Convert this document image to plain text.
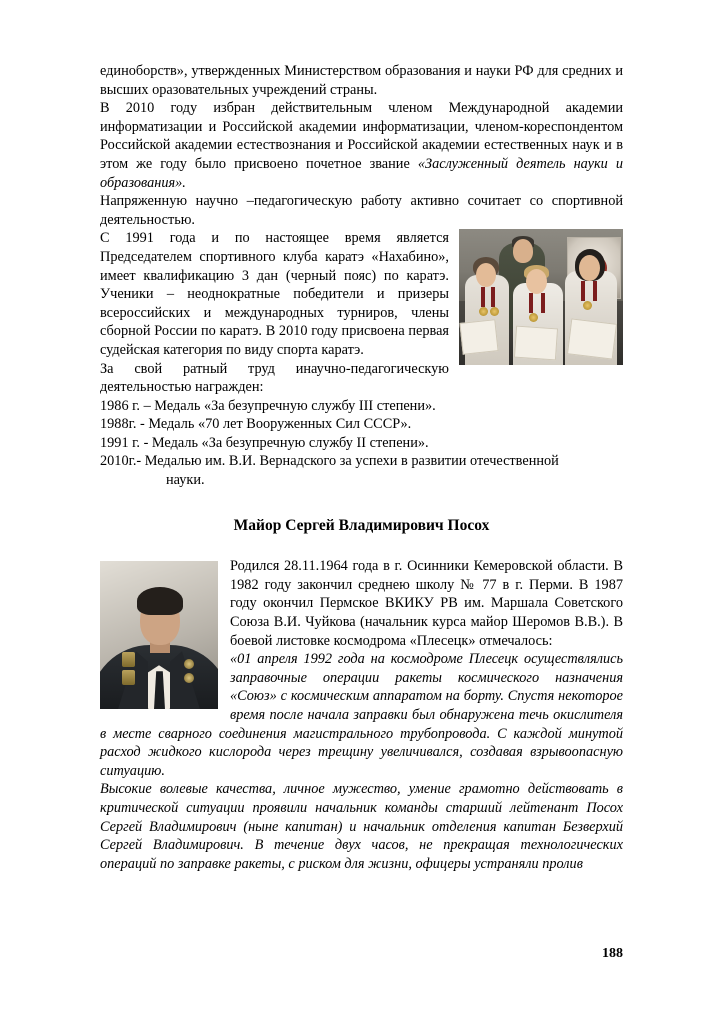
единоборств», утвержденных Министерством образования и науки РФ для средних и высших оразовательных учреждений страны.

В 2010 году избран действительным членом Международной академии информатизации и Российской академии информатизации, членом-кореспондентом Российской академии естествознания и Российской академии естественных наук и в этом же году было присвоено почетное звание «Заслуженный деятель науки и образования».

Напряженную научно –педагогическую работу активно сочитает со спортивной деятельностью.

С 1991 года и по настоящее время является Председателем спортивного клуба каратэ «Нахабино», имеет квалификацию 3 дан (черный пояс) по каратэ. Ученики – неоднократные победители и призеры всероссийских и международных турниров, члены сборной России по каратэ. В 2010 году присвоена первая судейская категория по виду спорта каратэ.

За свой ратный труд инаучно-педагогическую деятельностью награжден:

1986 г. – Медаль «За безупречную службу III степени».

1988г. - Медаль «70 лет Вооруженных Сил СССР».

1991 г. - Медаль «За безупречную службу II степени».

2010г.- Медалью им. В.И. Вернадского за успехи в развитии отечественной

науки.

Майор Сергей Владимирович Посох

Родился 28.11.1964 года в г. Осинники Кемеровской области. В 1982 году закончил среднею школу № 77 в г. Перми. В 1987 году окончил Пермское ВКИКУ РВ им. Маршала Советского Союза В.И. Чуйкова (начальник курса майор Шеромов В.В.). В боевой листовке космодрома «Плесецк» отмечалось:

«01 апреля 1992 года на космодроме Плесецк осуществлялись заправочные операции ракеты космического назначения «Союз» с космическим аппаратом на борту. Спустя некоторое время после начала заправки был обнаружена течь окислителя в месте сварного соединения магистрального трубопровода. С каждой минутой расход жидкого кислорода через трещину увеличивался, создавая взрывоопасную ситуацию.

Высокие волевые качества, личное мужество, умение грамотно действовать в критической ситуации проявили начальник команды старший лейтенант Посох Сергей Владимирович (ныне капитан) и начальник отделения капитан Безверхий Сергей Владимирович. В течение двух часов, не прекращая технологических операций по заправке ракеты, с риском для жизни, офицеры устраняли пролив

188
